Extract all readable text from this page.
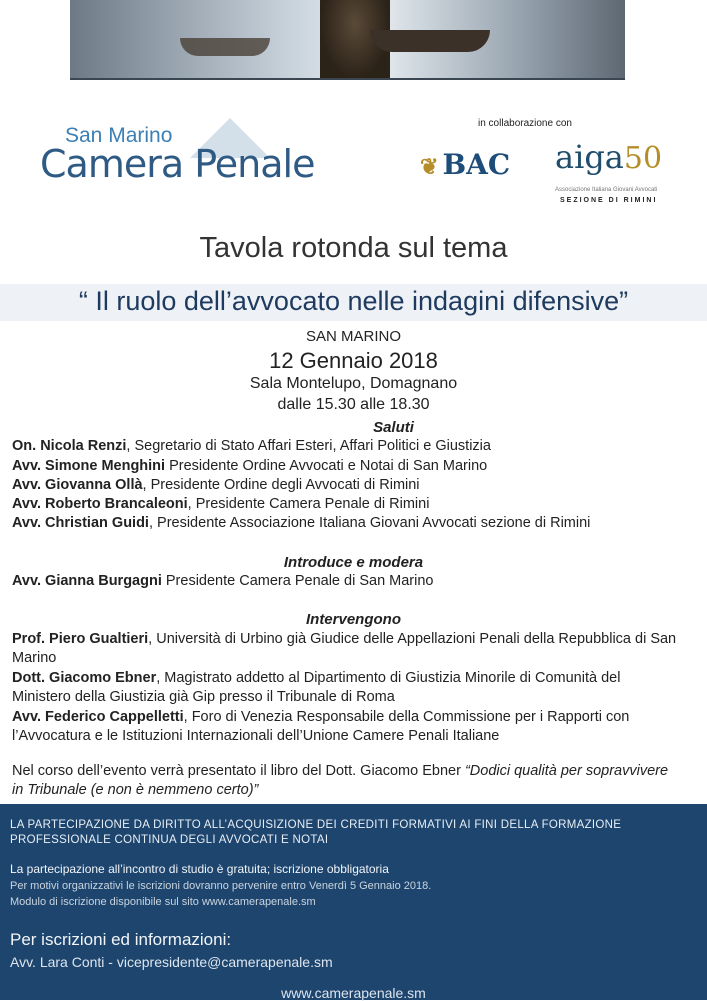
San Marino
Camera Penale
in collaborazione con
❦ BAC aiga50
Associazione Italiana Giovani Avvocati
SEZIONE DI RIMINI
Tavola rotonda sul tema
“ Il ruolo dell’avvocato nelle indagini difensive”
SAN MARINO
12 Gennaio 2018
Sala Montelupo, Domagnano
dalle 15.30 alle 18.30
Saluti
On. Nicola Renzi, Segretario di Stato Affari Esteri, Affari Politici e Giustizia
Avv. Simone Menghini Presidente Ordine Avvocati e Notai di San Marino
Avv. Giovanna Ollà, Presidente Ordine degli Avvocati di Rimini
Avv. Roberto Brancaleoni, Presidente Camera Penale di Rimini
Avv. Christian Guidi, Presidente Associazione Italiana Giovani Avvocati sezione di Rimini
Introduce e modera
Avv. Gianna Burgagni Presidente Camera Penale di San Marino
Intervengono
Prof. Piero Gualtieri, Università di Urbino già Giudice delle Appellazioni Penali della Repubblica di San Marino
Dott. Giacomo Ebner, Magistrato addetto al Dipartimento di Giustizia Minorile di Comunità del Ministero della Giustizia già Gip presso il Tribunale di Roma
Avv. Federico Cappelletti, Foro di Venezia Responsabile della Commissione per i Rapporti con l’Avvocatura e le Istituzioni Internazionali dell’Unione Camere Penali Italiane
Nel corso dell’evento verrà presentato il libro del Dott. Giacomo Ebner “Dodici qualità per sopravvivere in Tribunale (e non è nemmeno certo)”
LA PARTECIPAZIONE DA DIRITTO ALL’ACQUISIZIONE DEI CREDITI FORMATIVI AI FINI DELLA FORMAZIONE PROFESSIONALE CONTINUA DEGLI AVVOCATI E NOTAI
La partecipazione all’incontro di studio è gratuita; iscrizione obbligatoria
Per motivi organizzativi le iscrizioni dovranno pervenire entro Venerdì 5 Gennaio 2018.
Modulo di iscrizione disponibile sul sito www.camerapenale.sm
Per iscrizioni ed informazioni:
Avv. Lara Conti - vicepresidente@camerapenale.sm
www.camerapenale.sm
